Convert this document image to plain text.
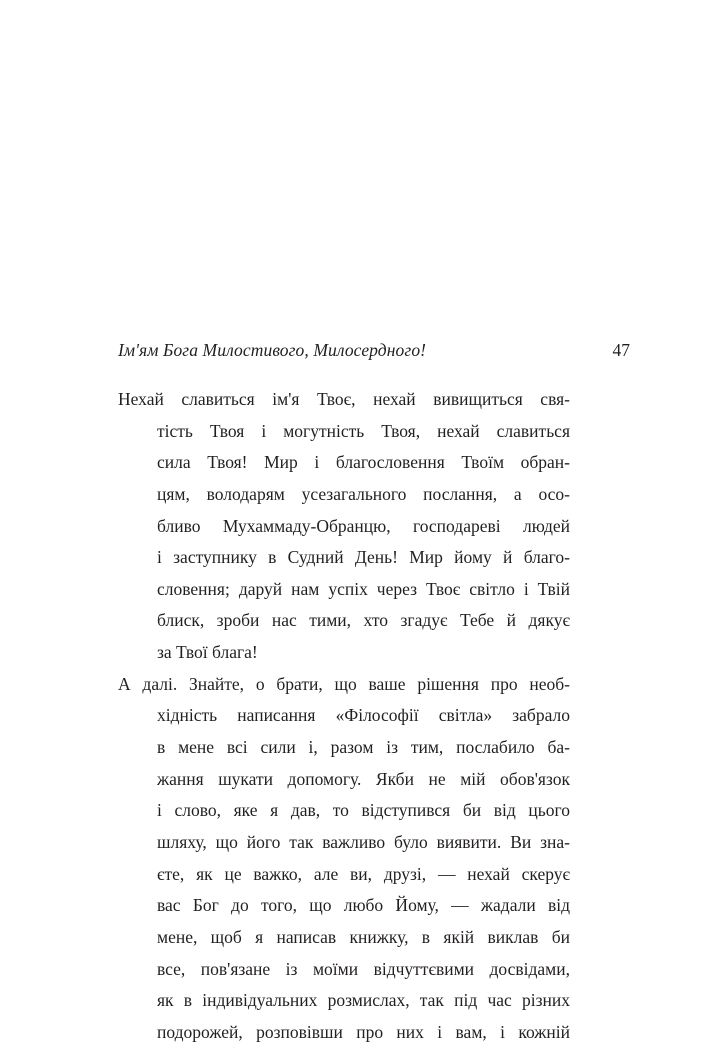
Ім'ям Бога Милостивого, Милосердного!	47
Нехай славиться ім'я Твоє, нехай вивищиться свя-
тість Твоя і могутність Твоя, нехай славиться
сила Твоя! Мир і благословення Твоїм обран-
цям, володарям усезагального послання, а осо-
бливо Мухаммаду-Обранцю, господареві людей
і заступнику в Судний День! Мир йому й благо-
словення; даруй нам успіх через Твоє світло і Твій
блиск, зроби нас тими, хто згадує Тебе й дякує
за Твої блага!
А далі. Знайте, о брати, що ваше рішення про необ-
хідність написання «Філософії світла» забрало
в мене всі сили і, разом із тим, послабило ба-
жання шукати допомогу. Якби не мій обов'язок
і слово, яке я дав, то відступився би від цього
шляху, що його так важливо було виявити. Ви зна-
єте, як це важко, але ви, друзі, — нехай скерує
вас Бог до того, що любо Йому, — жадали від
мене, щоб я написав книжку, в якій виклав би
все, пов'язане із моїми відчуттєвими досвідами,
як в індивідуальних розмислах, так під час різних
подорожей, розповівши про них і вам, і кожній
